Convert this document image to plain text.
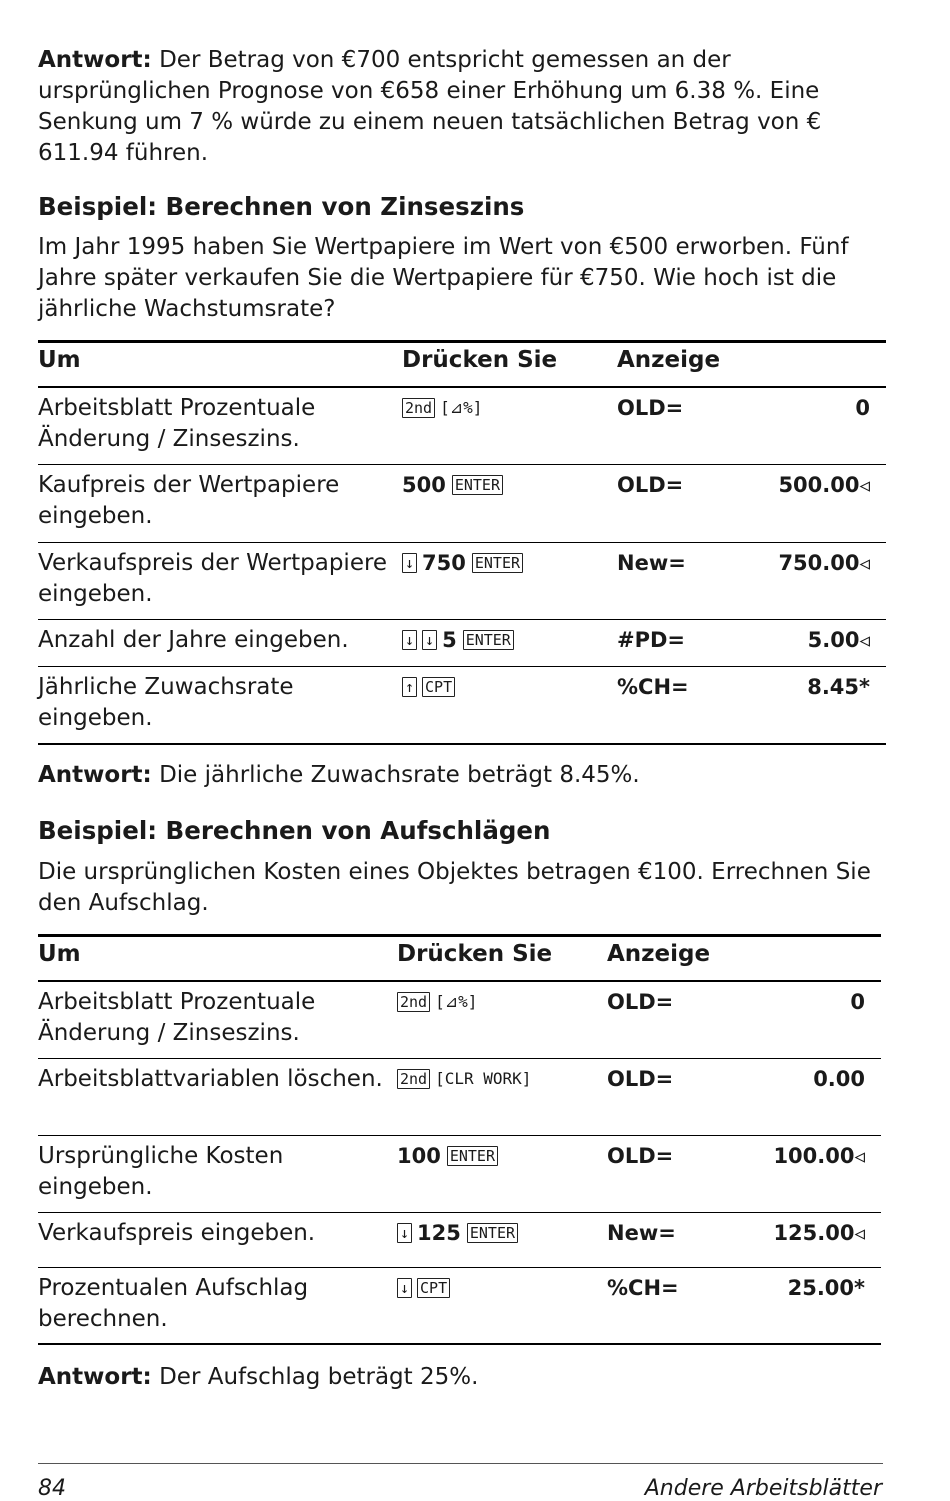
Antwort: Der Betrag von €700 entspricht gemessen an der ursprünglichen Prognose von €658 einer Erhöhung um 6.38 %. Eine Senkung um 7 % würde zu einem neuen tatsächlichen Betrag von € 611.94 führen.

Beispiel: Berechnen von Zinseszins

Im Jahr 1995 haben Sie Wertpapiere im Wert von €500 erworben. Fünf Jahre später verkaufen Sie die Wertpapiere für €750. Wie hoch ist die jährliche Wachstumsrate?

Um	Drücken Sie	Anzeige	
Arbeitsblatt Prozentuale Änderung / Zinseszins.	2nd [ ⊿% ]	OLD=	0
Kaufpreis der Wertpapiere eingeben.	500 ENTER	OLD=	500.00◃
Verkaufspreis der Wertpapiere eingeben.	↓ 750 ENTER	New=	750.00◃
Anzahl der Jahre eingeben.	↓ ↓ 5 ENTER	#PD=	5.00◃
Jährliche Zuwachsrate eingeben.	↑ CPT	%CH=	8.45*

Antwort: Die jährliche Zuwachsrate beträgt 8.45%.

Beispiel: Berechnen von Aufschlägen

Die ursprünglichen Kosten eines Objektes betragen €100. Errechnen Sie den Aufschlag.

Um	Drücken Sie	Anzeige	
Arbeitsblatt Prozentuale Änderung / Zinseszins.	2nd [ ⊿% ]	OLD=	0
Arbeitsblattvariablen löschen.	2nd [ CLR WORK ]	OLD=	0.00
Ursprüngliche Kosten eingeben.	100 ENTER	OLD=	100.00◃
Verkaufspreis eingeben.	↓ 125 ENTER	New=	125.00◃
Prozentualen Aufschlag berechnen.	↓ CPT	%CH=	25.00*

Antwort: Der Aufschlag beträgt 25%.

84	Andere Arbeitsblätter
